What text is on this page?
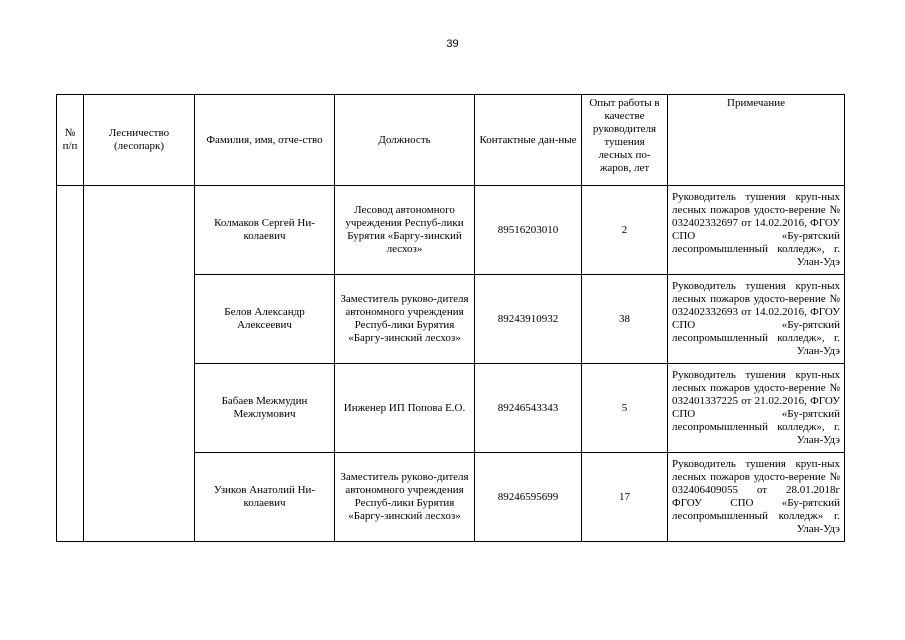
39
№ п/п	Лесничество (лесопарк)	Фамилия, имя, отче-ство	Должность	Контактные дан-ные	Опыт работы в качестве руководителя тушения лесных по-жаров, лет	Примечание
		Колмаков Сергей Ни-колаевич	Лесовод автономного учреждения Респуб-лики Бурятия «Баргу-зинский лесхоз»	89516203010	2	Руководитель тушения круп-ных лесных пожаров удосто-верение № 032402332697 от 14.02.2016, ФГОУ СПО «Бу-рятский лесопромышленный колледж», г. Улан-Удэ
		Белов Александр Алексеевич	Заместитель руково-дителя автономного учреждения Респуб-лики Бурятия «Баргу-зинский лесхоз»	89243910932	38	Руководитель тушения круп-ных лесных пожаров удосто-верение № 032402332693 от 14.02.2016, ФГОУ СПО «Бу-рятский лесопромышленный колледж», г. Улан-Удэ
		Бабаев Межмудин Межлумович	Инженер ИП Попова Е.О.	89246543343	5	Руководитель тушения круп-ных лесных пожаров удосто-верение № 032401337225 от 21.02.2016, ФГОУ СПО «Бу-рятский лесопромышленный колледж», г. Улан-Удэ
		Узиков Анатолий Ни-колаевич	Заместитель руково-дителя автономного учреждения Респуб-лики Бурятия «Баргу-зинский лесхоз»	89246595699	17	Руководитель тушения круп-ных лесных пожаров удосто-верение № 032406409055 от 28.01.2018г ФГОУ СПО «Бу-рятский лесопромышленный колледж» г. Улан-Удэ
